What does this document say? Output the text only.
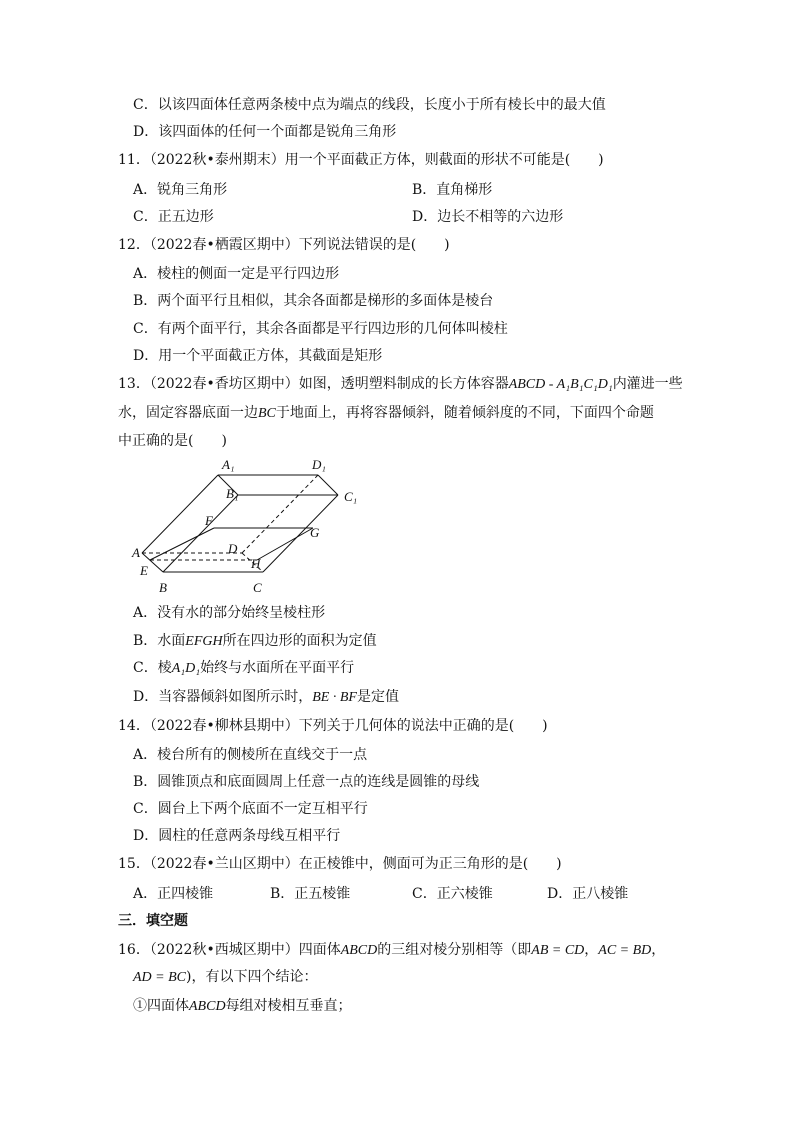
C．以该四面体任意两条棱中点为端点的线段，长度小于所有棱长中的最大值
D．该四面体的任何一个面都是锐角三角形
11．（2022秋•泰州期末）用一个平面截正方体，则截面的形状不可能是(　　)
A．锐角三角形	B．直角梯形
C．正五边形	D．边长不相等的六边形
12．（2022春•栖霞区期中）下列说法错误的是(　　)
A．棱柱的侧面一定是平行四边形
B．两个面平行且相似，其余各面都是梯形的多面体是棱台
C．有两个面平行，其余各面都是平行四边形的几何体叫棱柱
D．用一个平面截正方体，其截面是矩形
13．（2022春•香坊区期中）如图，透明塑料制成的长方体容器ABCD - A₁B₁C₁D₁内灌进一些
水，固定容器底面一边BC于地面上，再将容器倾斜，随着倾斜度的不同，下面四个命题
中正确的是(　　)
A₁	D₁
B₁	C₁
F
G
A	D
E	H
B	C
A．没有水的部分始终呈棱柱形
B．水面EFGH所在四边形的面积为定值
C．棱A₁D₁始终与水面所在平面平行
D．当容器倾斜如图所示时，BE · BF是定值
14．（2022春•柳林县期中）下列关于几何体的说法中正确的是(　　)
A．棱台所有的侧棱所在直线交于一点
B．圆锥顶点和底面圆周上任意一点的连线是圆锥的母线
C．圆台上下两个底面不一定互相平行
D．圆柱的任意两条母线互相平行
15．（2022春•兰山区期中）在正棱锥中，侧面可为正三角形的是(　　)
A．正四棱锥	B．正五棱锥	C．正六棱锥	D．正八棱锥
三．填空题
16．（2022秋•西城区期中）四面体ABCD的三组对棱分别相等（即AB = CD，AC = BD，
AD = BC)，有以下四个结论：
①四面体ABCD每组对棱相互垂直；
